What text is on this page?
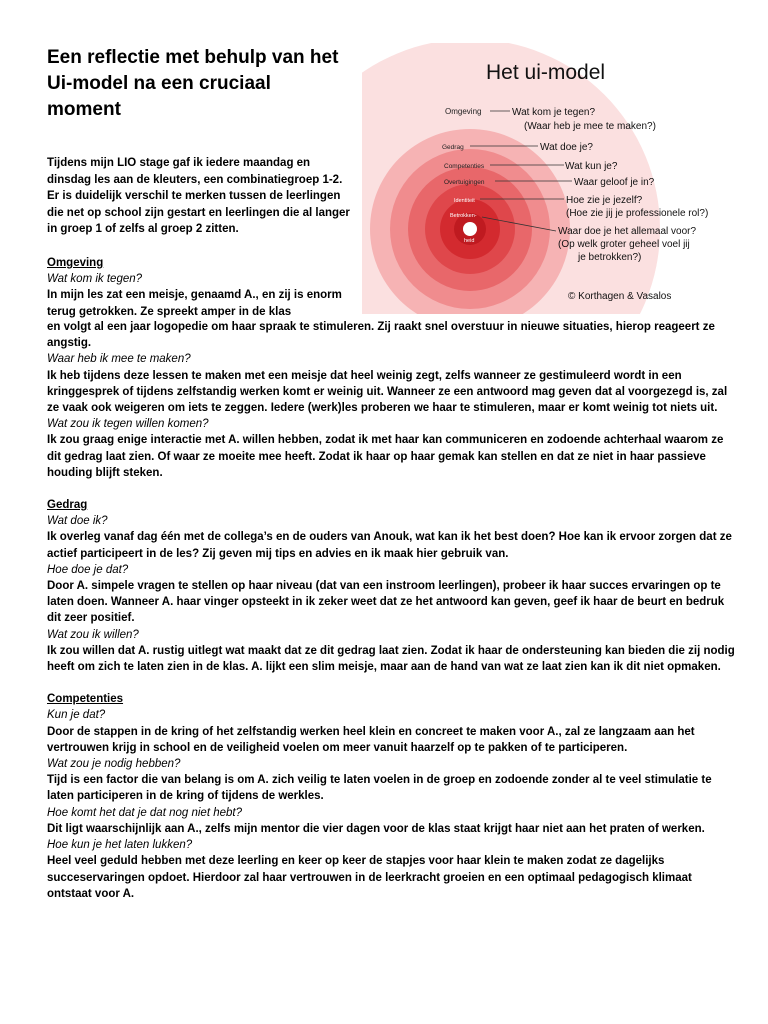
Een reflectie met behulp van het Ui-model na een cruciaal moment
Tijdens mijn LIO stage gaf ik iedere maandag en dinsdag les aan de kleuters, een combinatiegroep 1-2. Er is duidelijk verschil te merken tussen de leerlingen die net op school zijn gestart en leerlingen die al langer in groep 1 of zelfs al groep 2 zitten.
Het ui-model
Omgeving
Gedrag
Competenties
Overtuigingen
Identiteit
Betrokken-
heid
Wat kom je tegen?
(Waar heb je mee te maken?)
Wat doe je?
Wat kun je?
Waar geloof je in?
Hoe zie je jezelf?
(Hoe zie jij je professionele rol?)
Waar doe je het allemaal voor?
(Op welk groter geheel voel jij
je betrokken?)
© Korthagen & Vasalos
Omgeving
Wat kom ik tegen?
In mijn les zat een meisje, genaamd A., en zij is enorm terug getrokken. Ze spreekt amper in de klas
en volgt al een jaar logopedie om haar spraak te stimuleren. Zij raakt snel overstuur in nieuwe situaties, hierop reageert ze angstig.
Waar heb ik mee te maken?
Ik heb tijdens deze lessen te maken met een meisje dat heel weinig zegt, zelfs wanneer ze gestimuleerd wordt in een kringgesprek of tijdens zelfstandig werken komt er weinig uit. Wanneer ze een antwoord mag geven dat al voorgezegd is, zal ze vaak ook weigeren om iets te zeggen. Iedere (werk)les proberen we haar te stimuleren, maar er komt weinig tot niets uit.
Wat zou ik tegen willen komen?
Ik zou graag enige interactie met A. willen hebben, zodat ik met haar kan communiceren en zodoende achterhaal waarom ze dit gedrag laat zien. Of waar ze moeite mee heeft. Zodat ik haar op haar gemak kan stellen en dat ze niet in haar passieve houding blijft steken.
Gedrag
Wat doe ik?
Ik overleg vanaf dag één met de collega’s en de ouders van Anouk, wat kan ik het best doen? Hoe kan ik ervoor zorgen dat ze actief participeert in de les? Zij geven mij tips en advies en ik maak hier gebruik van.
Hoe doe je dat?
Door A. simpele vragen te stellen op haar niveau (dat van een instroom leerlingen), probeer ik haar succes ervaringen op te laten doen. Wanneer A. haar vinger opsteekt in ik zeker weet dat ze het antwoord kan geven, geef ik haar de beurt en bedruk dit zeer positief.
Wat zou ik willen?
Ik zou willen dat A. rustig uitlegt wat maakt dat ze dit gedrag laat zien. Zodat ik haar de ondersteuning kan bieden die zij nodig heeft om zich te laten zien in de klas. A. lijkt een slim meisje, maar aan de hand van wat ze laat zien kan ik dit niet opmaken.
Competenties
Kun je dat?
Door de stappen in de kring of het zelfstandig werken heel klein en concreet te maken voor A., zal ze langzaam aan het vertrouwen krijg in school en de veiligheid voelen om meer vanuit haarzelf op te pakken of te participeren.
Wat zou je nodig hebben?
Tijd is een factor die van belang is om A. zich veilig te laten voelen in de groep en zodoende zonder al te veel stimulatie te laten participeren in de kring of tijdens de werkles.
Hoe komt het dat je dat nog niet hebt?
Dit ligt waarschijnlijk aan A., zelfs mijn mentor die vier dagen voor de klas staat krijgt haar niet aan het praten of werken.
Hoe kun je het laten lukken?
Heel veel geduld hebben met deze leerling en keer op keer de stapjes voor haar klein te maken zodat ze dagelijks succeservaringen opdoet. Hierdoor zal haar vertrouwen in de leerkracht groeien en een optimaal pedagogisch klimaat ontstaat voor A.
